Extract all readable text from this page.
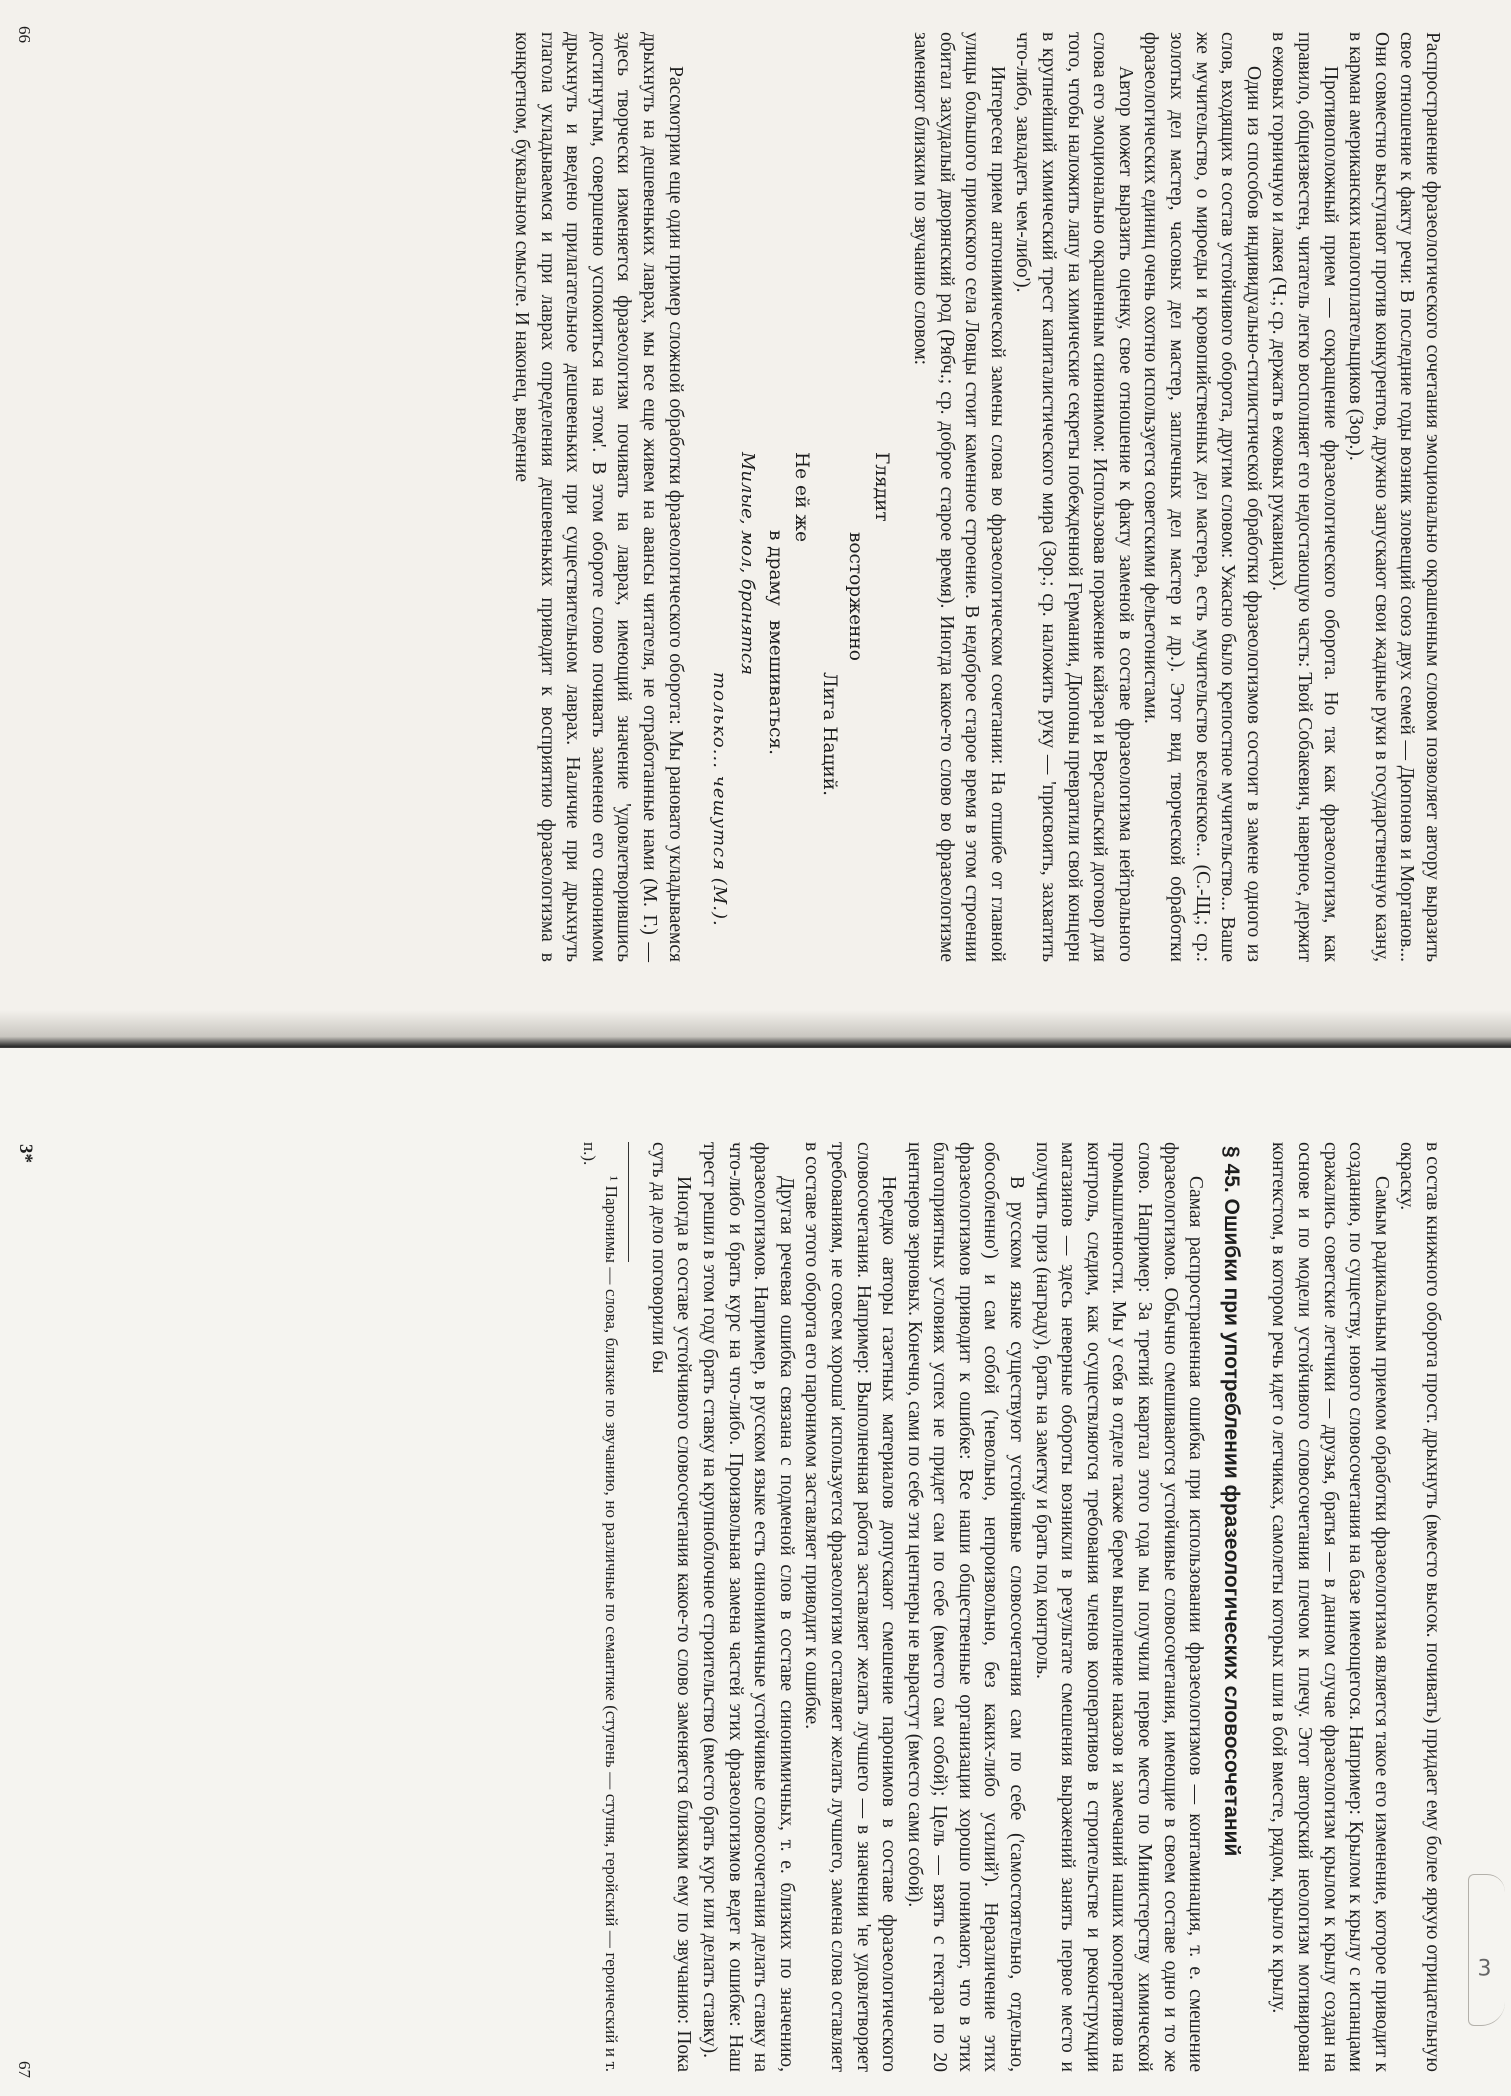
Распространение фразеологического сочетания эмоционально окрашенным словом позволяет автору выразить свое отношение к факту речи: В последние годы возник зловещий союз двух семей — Дюпонов и Морганов... Они совместно выступают против конкурентов, дружно запускают свои жадные руки в государственную казну, в карман американских налогоплательщиков (Зор.).

Противоположный прием — сокращение фразеологического оборота. Но так как фразеологизм, как правило, общеизвестен, читатель легко восполняет его недостающую часть: Твой Собакевич, наверное, держит в ежовых горничную и лакея (Ч.; ср. держать в ежовых рукавицах).

Один из способов индивидуально-стилистической обработки фразеологизмов состоит в замене одного из слов, входящих в состав устойчивого оборота, другим словом: Ужасно было крепостное мучительство... Ваше же мучительство, о мироеды и кровопийственных дел мастера, есть мучительство вселенское... (С.-Щ.; ср.: золотых дел мастер, часовых дел мастер, заплечных дел мастер и др.). Этот вид творческой обработки фразеологических единиц очень охотно используется советскими фельетонистами.

Автор может выразить оценку, свое отношение к факту заменой в составе фразеологизма нейтрального слова его эмоционально окрашенным синонимом: Использовав поражение кайзера и Версальский договор для того, чтобы наложить лапу на химические секреты побежденной Германии, Дюпоны превратили свой концерн в крупнейший химический трест капиталистического мира (Зор.; ср. наложить руку — 'присвоить, захватить что-либо, завладеть чем-либо').

Интересен прием антонимической замены слова во фразеологическом сочетании: На отшибе от главной улицы большого приокского села Ловцы стоит каменное строение. В недоброе старое время в этом строении обитал захудалый дворянский род (Рябч.; ср. доброе старое время). Иногда какое-то слово во фразеологизме заменяют близким по звучанию словом:

Глядит
восторженно
Лига Наций.
Не ей же
в драму
вмешиваться.
Милые, мол, бранятся
только... чешутся (М.).

Рассмотрим еще один пример сложной обработки фразеологического оборота: Мы рановато укладываемся дрыхнуть на дешевеньких лаврах, мы все еще живем на авансы читателя, не отработанные нами (М. Г.) — здесь творчески изменяется фразеологизм почивать на лаврах, имеющий значение 'удовлетворившись достигнутым, совершенно успокоиться на этом'. В этом обороте слово почивать заменено его синонимом дрыхнуть и введено прилагательное дешевеньких при существительном лаврах. Наличие при дрыхнуть глагола укладываемся и при лаврах определения дешевеньких приводит к восприятию фразеологизма в конкретном, буквальном смысле. И наконец, введение

66
3

в состав книжного оборота прост. дрыхнуть (вместо высок. почивать) придает ему более яркую отрицательную окраску.

Самым радикальным приемом обработки фразеологизма является такое его изменение, которое приводит к созданию, по существу, нового словосочетания на базе имеющегося. Например: Крылом к крылу с испанцами сражались советские летчики — друзья, братья — в данном случае фразеологизм крылом к крылу создан на основе и по модели устойчивого словосочетания плечом к плечу. Этот авторский неологизм мотивирован контекстом, в котором речь идет о летчиках, самолеты которых шли в бой вместе, рядом, крыло к крылу.

§ 45. Ошибки при употреблении фразеологических словосочетаний

Самая распространенная ошибка при использовании фразеологизмов — контаминация, т. е. смешение фразеологизмов. Обычно смешиваются устойчивые словосочетания, имеющие в своем составе одно и то же слово. Например: За третий квартал этого года мы получили первое место по Министерству химической промышленности. Мы у себя в отделе также берем выполнение наказов и замечаний наших кооперативов на контроль, следим, как осуществляются требования членов кооперативов в строительстве и реконструкции магазинов — здесь неверные обороты возникли в результате смешения выражений занять первое место и получить приз (награду), брать на заметку и брать под контроль.

В русском языке существуют устойчивые словосочетания сам по себе ('самостоятельно, отдельно, обособленно') и сам собой ('невольно, непроизвольно, без каких-либо усилий'). Неразличение этих фразеологизмов приводит к ошибке: Все наши общественные организации хорошо понимают, что в этих благоприятных условиях успех не придет сам по себе (вместо сам собой); Цель — взять с гектара по 20 центнеров зерновых. Конечно, сами по себе эти центнеры не вырастут (вместо сами собой).

Нередко авторы газетных материалов допускают смешение паронимов в составе фразеологического словосочетания. Например: Выполненная работа заставляет желать лучшего — в значении 'не удовлетворяет требованиям, не совсем хороша' используется фразеологизм оставляет желать лучшего, замена слова оставляет в составе этого оборота его паронимом заставляет приводит к ошибке.

Другая речевая ошибка связана с подменой слов в составе синонимичных, т. е. близких по значению, фразеологизмов. Например, в русском языке есть синонимичные устойчивые словосочетания делать ставку на что-либо и брать курс на что-либо. Произвольная замена частей этих фразеологизмов ведет к ошибке: Наш трест решил в этом году брать ставку на крупноблочное строительство (вместо брать курс или делать ставку).

Иногда в составе устойчивого словосочетания какое-то слово заменяется близким ему по звучанию: Пока суть да дело поговорили бы

¹ Паронимы — слова, близкие по звучанию, но различные по семантике (ступень — ступня, геройский — героический и т. п.).

3*
67
